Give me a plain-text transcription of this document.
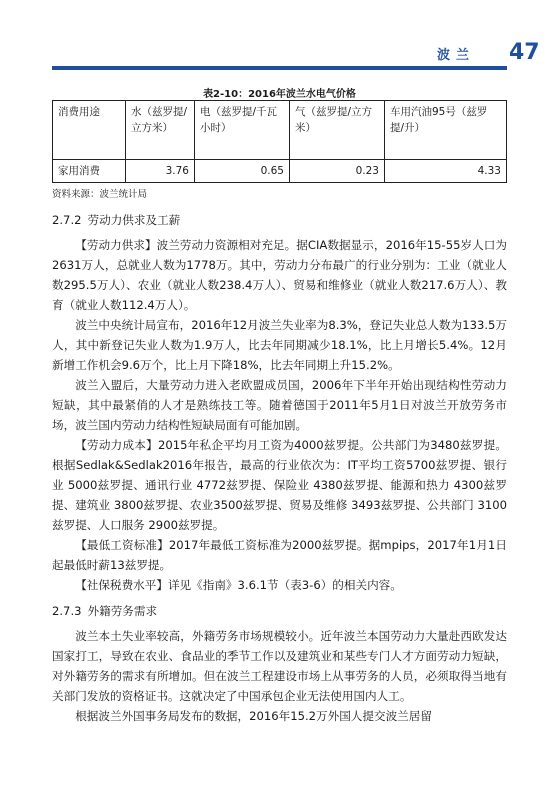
波兰	47
表2-10：2016年波兰水电气价格
消费用途	水（兹罗提/立方米）	电（兹罗提/千瓦小时）	气（兹罗提/立方米）	车用汽油95号（兹罗提/升）
家用消费	3.76	0.65	0.23	4.33
资料来源：波兰统计局
2.7.2 劳动力供求及工薪

【劳动力供求】波兰劳动力资源相对充足。据CIA数据显示，2016年15-55岁人口为2631万人，总就业人数为1778万。其中，劳动力分布最广的行业分别为：工业（就业人数295.5万人）、农业（就业人数238.4万人）、贸易和维修业（就业人数217.6万人）、教育（就业人数112.4万人）。

波兰中央统计局宣布，2016年12月波兰失业率为8.3%，登记失业总人数为133.5万人，其中新登记失业人数为1.9万人，比去年同期减少18.1%，比上月增长5.4%。12月新增工作机会9.6万个，比上月下降18%，比去年同期上升15.2%。

波兰入盟后，大量劳动力进入老欧盟成员国，2006年下半年开始出现结构性劳动力短缺，其中最紧俏的人才是熟练技工等。随着德国于2011年5月1日对波兰开放劳务市场，波兰国内劳动力结构性短缺局面有可能加剧。

【劳动力成本】2015年私企平均月工资为4000兹罗提。公共部门为3480兹罗提。根据Sedlak&Sedlak2016年报告，最高的行业依次为：IT平均工资5700兹罗提、银行业 5000兹罗提、通讯行业 4772兹罗提、保险业 4380兹罗提、能源和热力 4300兹罗提、建筑业 3800兹罗提、农业3500兹罗提、贸易及维修 3493兹罗提、公共部门 3100兹罗提、人口服务 2900兹罗提。

【最低工资标准】2017年最低工资标准为2000兹罗提。据mpips，2017年1月1日起最低时薪13兹罗提。

【社保税费水平】详见《指南》3.6.1节（表3-6）的相关内容。

2.7.3 外籍劳务需求

波兰本土失业率较高，外籍劳务市场规模较小。近年波兰本国劳动力大量赴西欧发达国家打工，导致在农业、食品业的季节工作以及建筑业和某些专门人才方面劳动力短缺，对外籍劳务的需求有所增加。但在波兰工程建设市场上从事劳务的人员，必须取得当地有关部门发放的资格证书。这就决定了中国承包企业无法使用国内人工。

根据波兰外国事务局发布的数据，2016年15.2万外国人提交波兰居留
